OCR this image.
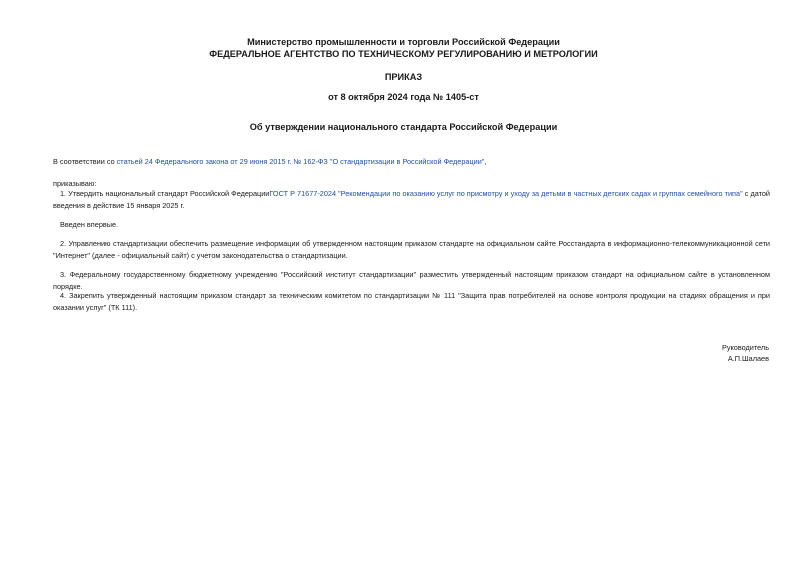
Министерство промышленности и торговли Российской Федерации
ФЕДЕРАЛЬНОЕ АГЕНТСТВО ПО ТЕХНИЧЕСКОМУ РЕГУЛИРОВАНИЮ И МЕТРОЛОГИИ
ПРИКАЗ
от 8 октября 2024 года № 1405-ст
Об утверждении национального стандарта Российской Федерации
В соответствии со статьей 24 Федерального закона от 29 июня 2015 г. № 162-ФЗ "О стандартизации в Российской Федерации",
приказываю:
1. Утвердить национальный стандарт Российской ФедерацииГОСТ Р 71677-2024 "Рекомендации по оказанию услуг по присмотру и уходу за детьми в частных детских садах и группах семейного типа" с датой введения в действие 15 января 2025 г.
Введен впервые.
2. Управлению стандартизации обеспечить размещение информации об утвержденном настоящим приказом стандарте на официальном сайте Росстандарта в информационно-телекоммуникационной сети "Интернет" (далее - официальный сайт) с учетом законодательства о стандартизации.
3. Федеральному государственному бюджетному учреждению "Российский институт стандартизации" разместить утвержденный настоящим приказом стандарт на официальном сайте в установленном порядке.
4. Закрепить утвержденный настоящим приказом стандарт за техническим комитетом по стандартизации № 111 "Защита прав потребителей на основе контроля продукции на стадиях обращения и при оказании услуг" (ТК 111).
Руководитель
А.П.Шалаев
